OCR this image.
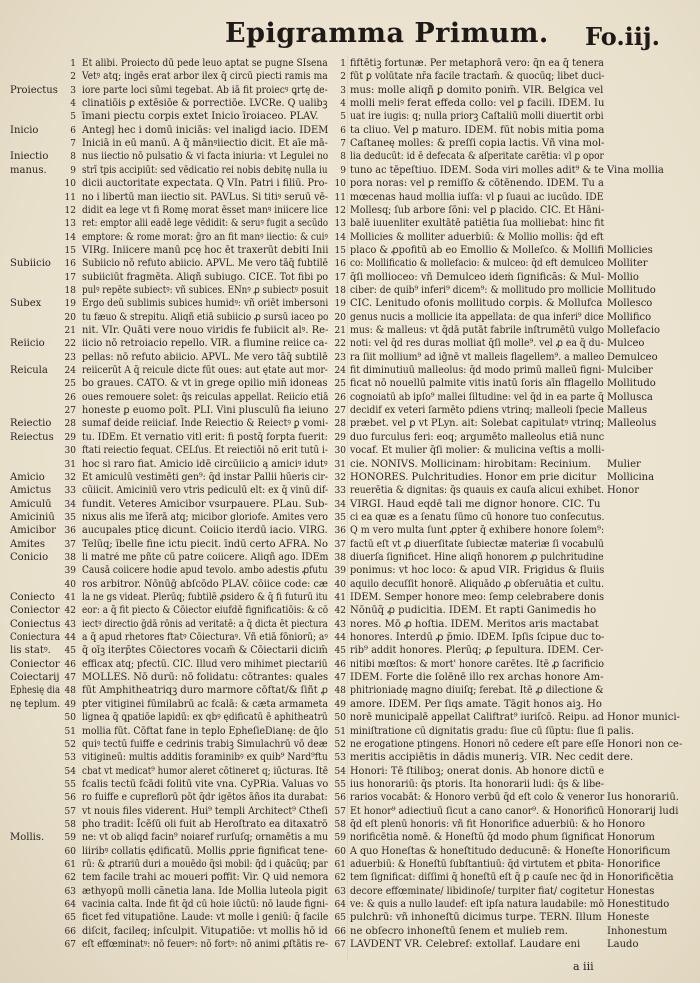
Epigramma Primum. Fo.iij.
Proiectus
Inicio
Iniectio
manus.
Subiicio
Subex
Reiicio
Reicula
Reiectio
Reiectus
Amicio
Amictus
Amiculū
Amiciniū
Amicibor
Amites
Conicio
Coniecto
Coniector
Coniectus
Coniectura
lis statꝰ.
Coniector
Coiectarij
Ephesię dia
nę teplum.
Mollis.
1
2
3
4
5
6
7
8
9
10
11
12
13
14
15
16
17
18
19
20
21
22
23
24
25
26
27
28
29
30
31
32
33
34
35
36
37
38
39
40
41
42
43
44
45
46
47
48
49
50
51
52
53
54
55
56
57
58
59
60
61
62
63
64
65
66
67
Et alibi. Proiecto dū pede leuo aptat se pugne SIsena
Vetꝰ atq; ingēs erat arbor ilex q̄ circū piecti ramis ma
iore parte loci sūmi tegebat. Ab iā fit proiecꝰ ꝗrtę de-
clinatiōis ꝑ extēsiōe & porrectiōe. LVCRe. Q ualibꝫ
īmani piectu corpis extet Inicio īroiaceo. PLAV.
Antegļ hec i domū iniciās: vel inaligḋ iacio. IDEM
Iniciā in eū manū. A q̄ mānꝰiiectio dicit. Et aīe mā-
nus iiectio nō pulsatio & vi facta iniuria: vt Legulei no
strī tpis accipiūt: sed vēdicatio rei nobis debitę nulla iu
dicii auctoritate expectata. Q VIn. Patri i filiū. Pro-
no i libertū man iiectio sit. PAVLus. Si titiꝰ seruū vē-
didit ea lege vt fi Romę morat ēsset manꝰ iniicere lice
ret: emptor alii eadē lege vēdidit: & seruꝰ fugit a secūdo
emptore: & rome morat: ḡro an fit manꝰ iiectio: & cuiꝰ
VIRg. Iniicere manū pcę hoc ēt traxerūt debiti Inii
Subiicio nō refuto abiicio. APVL. Me vero tāq̄ fubtilē
subiiciūt fragmēta. Aliqñ subiugo. CICE. Tot fibi po
pulꝰ repēte subiectꝰ: vñ subices. ENnꝰ ꝓ subiectꝰ posuit
Ergo deū sublimis subices humidꝰ: vñ oriēt imbersoni
tu fæuo & strepitu. Aliqñ etiā subiicio ꝓ sursū iaceo po
nit. VIr. Quāti vere nouo viridis fe fubiicit alꝰ. Re-
iicio nō retroiacio repello. VIR. a flumine reiice ca-
pellas: nō refuto abiicio. APVL. Me vero tāq̄ subtilē
reiicerūt A q̄ reicule dicte fūt oues: aut ętate aut mor-
bo graues. CATO. & vt in grege opilio min̄ idoneas
oues remouere solet: q̄s reiculas appellat. Reiicio etiā
honeste ꝑ euomo poīt. PLI. Vini plusculū fia ieiuno
sumaf deide reiiciaf. Inde Reiectio & Reiectꝰ ꝑ vomi-
tu. IDEm. Et vernatio vitl erit: fi postq̄ forpta fuerit:
ftati reiectio fequat. CELſus. Et reiectiōi nō erit tutū i-
hoc si raro fiat. Amicio idē circūiicio ą amiciꝰ idutꝰ
Et amiculū vestimēti gen⁹: q̄d instar Pallii hūeris cir-
cūiicit. Amiciniū vero vtris pediculū elt: ex q̄ vinū dif-
fundit. Veteres Amicibor vsurpauere. PLau. Sub-
nixus alis me īferā atq; micibor gloriofe. Amites vero
aucupales pticę dicunt. Coiicio iterdū iacio. VIRG.
Telūq; ībelle fine ictu piecit. īndū certo AFRA. No
li matré me pñte cū patre coiicere. Aliqñ ago. IDEm
Causā coiicere hodie apud tevolo. ambo adestis ꝓfutu
ros arbitror. Nōnūḡ abſcōdo PLAV. cōiice code: cæ
la ne gs videat. Plerūq; fubtilē ꝓsidero & q̄ fi futurū itu
eor: a q̄ fit piecto & Cōiector eiufdē fignificatiōis: & cō
iectꝰ directio ḡdā rōnis ad veritatē: a q̄ dicta ēt piectura
a q̄ apud rhetores ftatꝰ Cōiecturaꝰ. Vñ etiā fōniorū; aꝰ
q̄ oīꝫ iterp̄tes Cōiectores vocam̄ & Cōiectarii dicim̄
efficax atq; pfectū. CIC. Illud vero mihimet piectariū
MOLLES. Nō durū: nō folidatu: cōtrantes: quales
fūt Amphitheatriqꝫ duro marmore cōftat/& ſiñt ꝓ
pter vitiginei fūmilabrū ac fcalā: & cæta armameta
lignea q̄ ꝗpatiōe lapidū: ex qbꝰ ędificatū ē aphitheatrū
mollia fūt. Cōftat fane in teplo EpheſieDianę: de q̄lo
quiꝰ tectū fuiffe e cedrinis trabiꝫ Simulachrū vō deæ
vitigineū: multis additis foraminibꝰ ex quib⁹ Nard⁹ftu
cbat vt medicat⁹ humor aleret cōtineret q; iūcturas. Itē
fcalis tectū fcādi folitū vite vna. CyPRia. Valuas vo
ro fuiffe e cupreflorū pōt q̄dr igētos āños ita durabat:
vt nouis files viderent. Hui⁹ templi Architect⁹ Ctheſi
pho tradit: Īcēſū oli fuit ab Heroſtrato ea ditaxatrō
ne: vt ob aliqd facin⁹ noiaref rurſuſq; ornamētis a mu
liiribꝰ collatis ędificatū. Mollis ꝓprie fignificat tene-
rū: & ꝓtrariū duri a mouēdo q̄si mobil: q̄d i quācūq; par
tem facile trahi ac moueri poffit: Vir. Q uid nemora
æthyopū molli cãnetia lana. Ide Mollia luteola pigit
vacinia calta. Inde fit q̄d cū hoie iūctū: nō laude figni-
ficet fed vituꝑatiōne. Laude: vt molle i geniū: q̄ facile
diſcit, facileq; inſculpit. Vituꝑatiōe: vt mollis hō id
eſt effœminatꝰ: nō feuerꝰ: nō fortꝰ: nō animi ꝓſtātis re-
1
2
3
4
5
6
7
8
9
10
11
12
13
14
15
16
17
18
19
20
21
22
23
24
25
26
27
28
29
30
31
32
33
34
35
36
37
38
39
40
41
42
43
44
45
46
47
48
49
50
51
52
53
54
55
56
57
58
59
60
61
62
63
64
65
66
67
fiftētiꝫ fortunæ. Per metaphorā vero: q̄n ea q̄ tenera
fūt ꝑ volūtate nr̄a facile tractam̄. & quocūq; libet duci-
mus: molle aliqñ ꝑ domito ponim̄. VIR. Belgica vel
molli meliꝰ ferat effeda collo: vel ꝑ facili. IDEM. Iu
uat ire iugis: q; nulla priorꝫ Caſtaliū molli diuertit orbi
ta cliuo. Vel ꝑ maturo. IDEM. fūt nobis mitia poma
Caſtaneę molles: & preſſi copia lactis. Vñ vina mol-
lia deducūt: id ē defecata & aſperitate carētia: vl ꝑ opor
tuno ac tēpeſtiuo. IDEM. Soda viri molles adit⁹ & te
pora noras: vel ꝑ remiſſo & cōtēnendo. IDEM. Tu a
mœcenas haud mollia iuſſa: vl ꝑ ſuaui ac iucūdo. IDE
Mollesq; ſub arbore ſōni: vel ꝑ placido. CIC. Et Hāni-
balē iuuenliter exultātē patiētia ſua molliebat: hinc fit
Mollicies & molliter aduerbiū: & Mollio mollis: q̄d eft
placo & ꝓpofitū ab eo Emollio & Molleſco. & Mollifi
co: Mollificatio & mollefacio: & mulceo: q̄d eft demulceo
q̄ſi mollioceo: vñ Demulceo ideṁ ſignificãs: & Mul-
ciber: de quib⁹ inferi⁹ dicem⁹: & mollitudo pro mollicie
CIC. Lenitudo ofonis mollitudo corpis. & Mollufca
genus nucis a mollicie ita appellata: de qua inferi⁹ dice
mus: & malleus: vt q̄dā putāt fabrile inſtrumētū vulgo
noti: vel q̄d res duras molliat q̄ſi molle⁹. vel ꝓ ea q̄ du-
ra ſiit mollium⁹ ad ig̃nē vt malleis flagellem⁹. a malleo
fit diminutiuū malleolus: q̄d modo primū malleū figni-
ficat nō nouellū palmite vitis inatū ſoris aīn fflagello
cognoiatū ab ipſo⁹ mallei ſiltudine: vel q̄d in ea parte q̄
decidif ex veteri ſarmēto pdiens vtrinq; malleoli ſpecie
præbet. vel ꝑ vt PLyn. ait: Solebat capitulatꝰ vtrinq;
duo furculus feri: eoq; argumēto malleolus etiā nunc
vocaf. Et mulier q̄ſi molier: & mulicina veſtis a molli-
cie. NONIVS. Mollicinam: hirobitam: Recinium.
HONORES. Pulchritudies. Honor em prie dicitur
reuerētia & dignitas: q̄s quauis ex cauſa alicui exhibet.
VIRGI. Haud eqdē tali me dignor honore. CIC. Tu
ci ea quæ es a ſenatu ſūmo cū honore tuo conſecutus.
Q m vero multa ſunt ꝓpter q̄ exhibere honore ſolem⁹:
factū eſt vt ꝓ diuerſitate ſubiectæ materiæ ſi vocabulū
diuerſa ſignificet. Hine aliqñ honorem ꝓ pulchritudine
ponimus: vt hoc loco: & apud VIR. Frigidus & ſluiis
aquilo decuſſit honorē. Aliquādo ꝓ obſeruātia et cultu.
IDEM. Semper honore meo: ſemp celebrabere donis
Nōnūq̄ ꝓ pudicitia. IDEM. Et rapti Ganimedis ho
nores. Mō ꝓ hoſtia. IDEM. Meritos aris mactabat
honores. Interdū ꝓ p̄mio. IDEM. Ipſis ſcipue duc to-
rib⁹ addit honores. Plerūq; ꝓ ſepultura. IDEM. Cer-
nitibi mœſtos: & mort' honore carētes. Itē ꝓ ſacrificio
IDEM. Forte die ſolēnē illo rex archas honore Am-
phitrioniadę magno diuiſq; ferebat. Itē ꝓ dilectione &
amore. IDEM. Per ſiqs amate. Tāgit honos aiꝫ. Ho
norē municipalē appellat Califtrat⁹ iuriſcō. Reipu. ad
miniſtratione cū dignitatis gradu: ſiue cū ſūptu: ſiue ſi
ne erogatione ptingens. Honori nō cedere eſt pare eſſe
meritis accipiētis in dādis muneriꝫ. VIR. Nec cedit
Honori: Tē ſtiliboꝫ; onerat donis. Ab honore dictū e
ius honorariū: q̄s ptoris. Ita honorarii ludi: q̄s & libe-
rarios vocabāt: & Honoro verbū q̄d eſt colo & veneror
Et honor⁹ adiectiuū ſicut a cano canor⁹. & Honorificū
q̄d eſt plenū honoris: vñ fit Honorifice aduerbiū: & ho
norificētia nomē. & Honeſtū q̄d modo ꝑhum ſignificat
A quo Honeſtas & honeſtitudo deducunē: & Honeſte
aduerbiū: & Honeſtū ſubſtantiuū: q̄d virtutem et ꝑbita-
tem ſignificat: diſſimi q̄ honeſtū eſt q̄ ꝑ cauſe nec q̄d in
decore effœminate/ libidinoſe/ turpiter fiat/ cogitetur
ve: & quis a nullo laudef: eſt ipſa natura laudabile: mō
pulchrū: vñ inhoneſtū dicimus turpe. TERN. Illum
ne obſecro inhoneſtū ſenem et mulieb rem.
LAVDENT VR. Celebref: extollaf. Laudare eni
Vina mollia
Mollicies
Molliter
Mollio
Mollitudo
Mollesco
Mollifico
Mollefacio
Mulceo
Demulceo
Mulciber
Mollitudo
Mollusca
Malleus
Malleolus
Mulier
Mollicina
Honor
Honor munici-
palis.
Honori non ce-
dere.
Ius honorariū.
Honorarij ludi
Honoro
Honorum
Honorificum
Honorifice
Honorificētia
Honestas
Honestitudo
Honeste
Inhonestum
Laudo
a iii
